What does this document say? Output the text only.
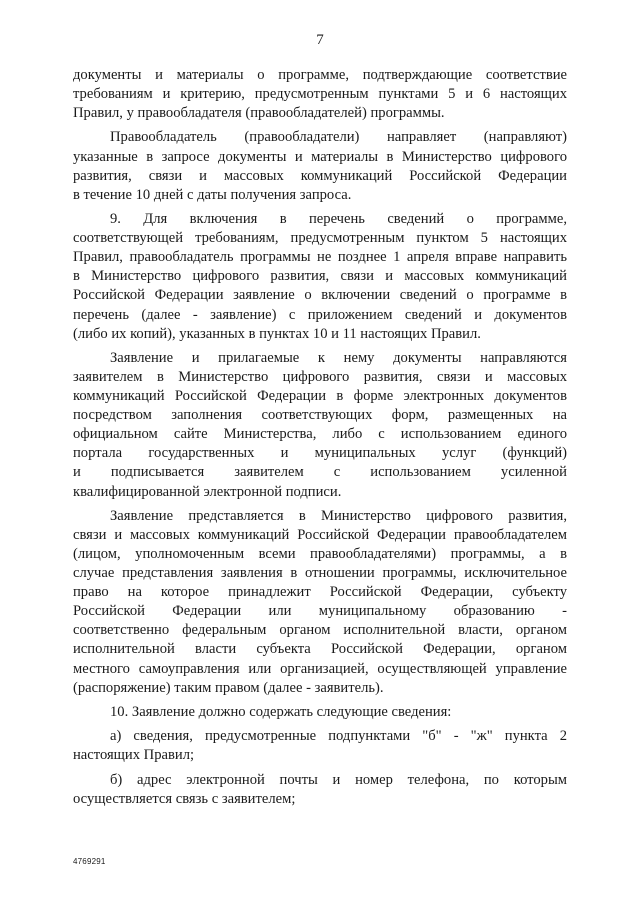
7

документы и материалы о программе, подтверждающие соответствие
требованиям и критерию, предусмотренным пунктами 5 и 6 настоящих
Правил, у правообладателя (правообладателей) программы.

Правообладатель (правообладатели) направляет (направляют)
указанные в запросе документы и материалы в Министерство цифрового
развития, связи и массовых коммуникаций Российской Федерации
в течение 10 дней с даты получения запроса.

9. Для включения в перечень сведений о программе,
соответствующей требованиям, предусмотренным пунктом 5 настоящих
Правил, правообладатель программы не позднее 1 апреля вправе направить
в Министерство цифрового развития, связи и массовых коммуникаций
Российской Федерации заявление о включении сведений о программе в
перечень (далее - заявление) с приложением сведений и документов
(либо их копий), указанных в пунктах 10 и 11 настоящих Правил.

Заявление и прилагаемые к нему документы направляются
заявителем в Министерство цифрового развития, связи и массовых
коммуникаций Российской Федерации в форме электронных документов
посредством заполнения соответствующих форм, размещенных на
официальном сайте Министерства, либо с использованием единого
портала государственных и муниципальных услуг (функций)
и подписывается заявителем с использованием усиленной
квалифицированной электронной подписи.

Заявление представляется в Министерство цифрового развития,
связи и массовых коммуникаций Российской Федерации правообладателем
(лицом, уполномоченным всеми правообладателями) программы, а в
случае представления заявления в отношении программы, исключительное
право на которое принадлежит Российской Федерации, субъекту
Российской Федерации или муниципальному образованию -
соответственно федеральным органом исполнительной власти, органом
исполнительной власти субъекта Российской Федерации, органом
местного самоуправления или организацией, осуществляющей управление
(распоряжение) таким правом (далее - заявитель).

10. Заявление должно содержать следующие сведения:

а) сведения, предусмотренные подпунктами "б" - "ж" пункта 2
настоящих Правил;

б) адрес электронной почты и номер телефона, по которым
осуществляется связь с заявителем;

4769291
